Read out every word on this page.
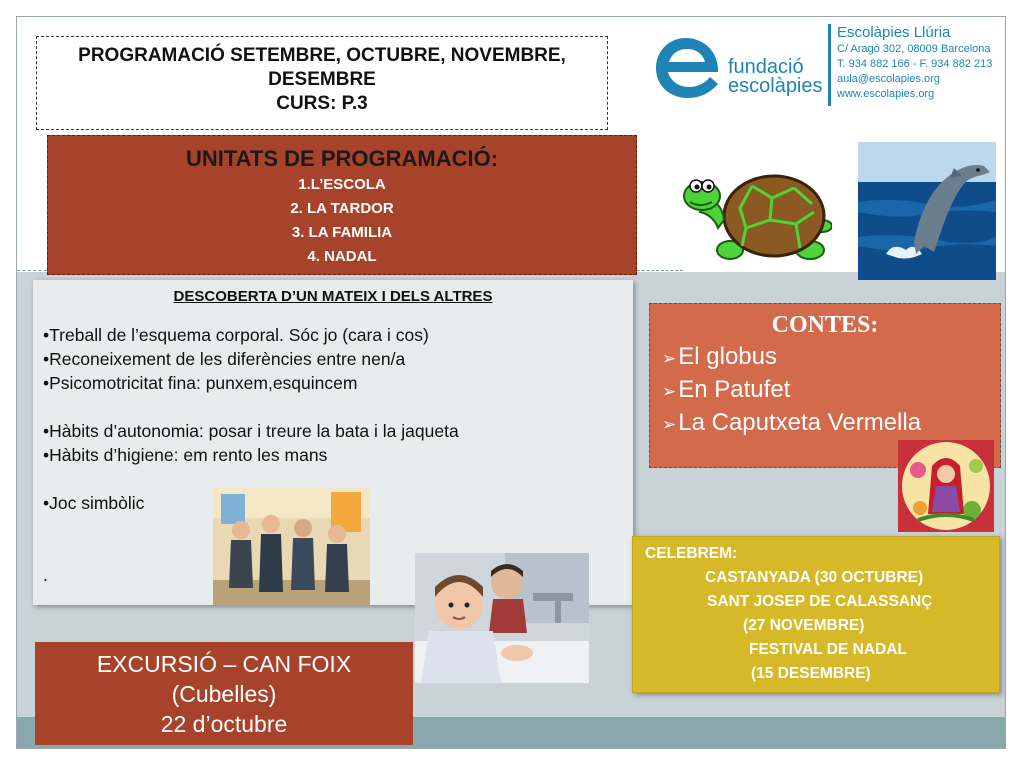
PROGRAMACIÓ SETEMBRE, OCTUBRE, NOVEMBRE,
DESEMBRE
CURS: P.3
fundació
escolàpies
Escolàpies Llúria
C/ Aragó 302, 08009 Barcelona
T. 934 882 166 - F. 934 882 213
aula@escolapies.org
www.escolapies.org
UNITATS DE PROGRAMACIÓ:
1.L’ESCOLA
2. LA TARDOR
3. LA FAMILIA
4. NADAL
DESCOBERTA D’UN MATEIX I DELS ALTRES
•Treball de l’esquema corporal. Sóc jo (cara i cos)
•Reconeixement de les diferències entre nen/a
•Psicomotricitat fina: punxem,esquincem
•Hàbits d’autonomia: posar i treure la bata i la jaqueta
•Hàbits d’higiene: em rento les mans
•Joc simbòlic
.
CONTES:
➢El globus
➢En Patufet
➢La Caputxeta Vermella
CELEBREM:
CASTANYADA (30 OCTUBRE)
SANT JOSEP DE CALASSANÇ
(27 NOVEMBRE)
FESTIVAL DE NADAL
(15 DESEMBRE)
EXCURSIÓ – CAN FOIX
(Cubelles)
22 d’octubre
